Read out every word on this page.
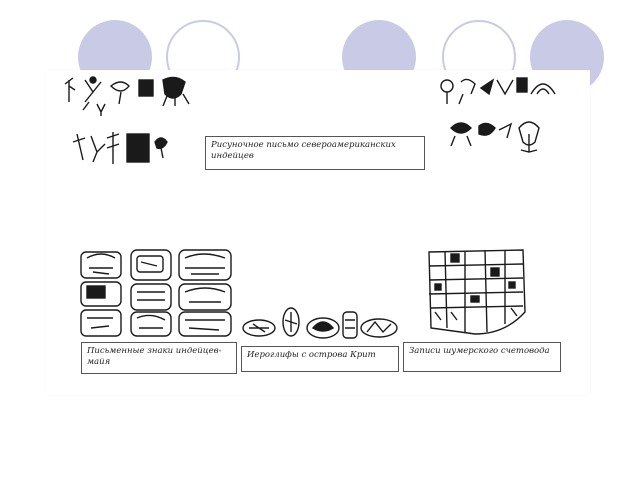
Рисуночное письмо североамериканских индейцев
Письменные знаки индейцев-майя
Иероглифы с острова Крит	Записи шумерского счетовода
